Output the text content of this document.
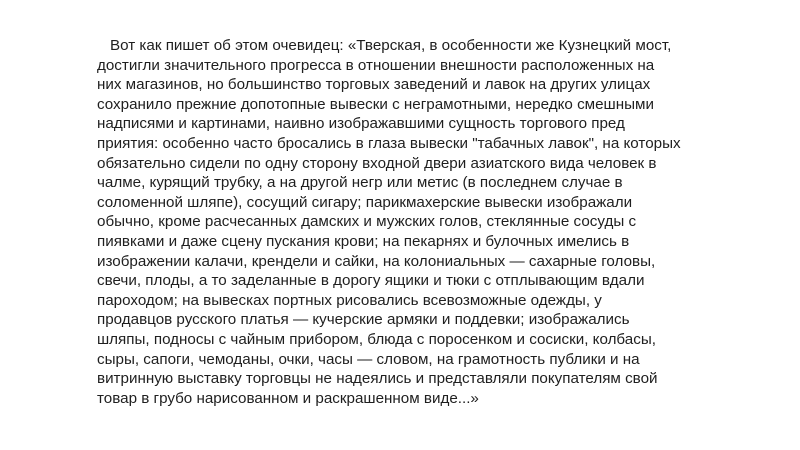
Вот как пишет об этом очевидец: «Тверская, в особенности же Кузнецкий мост,
достигли значительного прогресса в отношении внешности расположенных на
них магазинов, но большинство торговых заведений и лавок на других улицах
сохранило прежние допотопные вывески с неграмотными, нередко смешными
надписями и картинами, наивно изображавшими сущность торгового пред
приятия: особенно часто бросались в глаза вывески "табачных лавок", на которых
обязательно сидели по одну сторону входной двери азиатского вида человек в
чалме, курящий трубку, а на другой негр или метис (в последнем случае в
соломенной шляпе), сосущий сигару; парикмахерские вывески изображали
обычно, кроме расчесанных дамских и мужских голов, стеклянные сосуды с
пиявками и даже сцену пускания крови; на пекарнях и булочных имелись в
изображении калачи, крендели и сайки, на колониальных — сахарные головы,
свечи, плоды, а то заделанные в дорогу ящики и тюки с отплывающим вдали
пароходом; на вывесках портных рисовались всевозможные одежды, у
продавцов русского платья — кучерские армяки и поддевки; изображались
шляпы, подносы с чайным прибором, блюда с поросенком и сосиски, колбасы,
сыры, сапоги, чемоданы, очки, часы — словом, на грамотность публики и на
витринную выставку торговцы не надеялись и представляли покупателям свой
товар в грубо нарисованном и раскрашенном виде...»
